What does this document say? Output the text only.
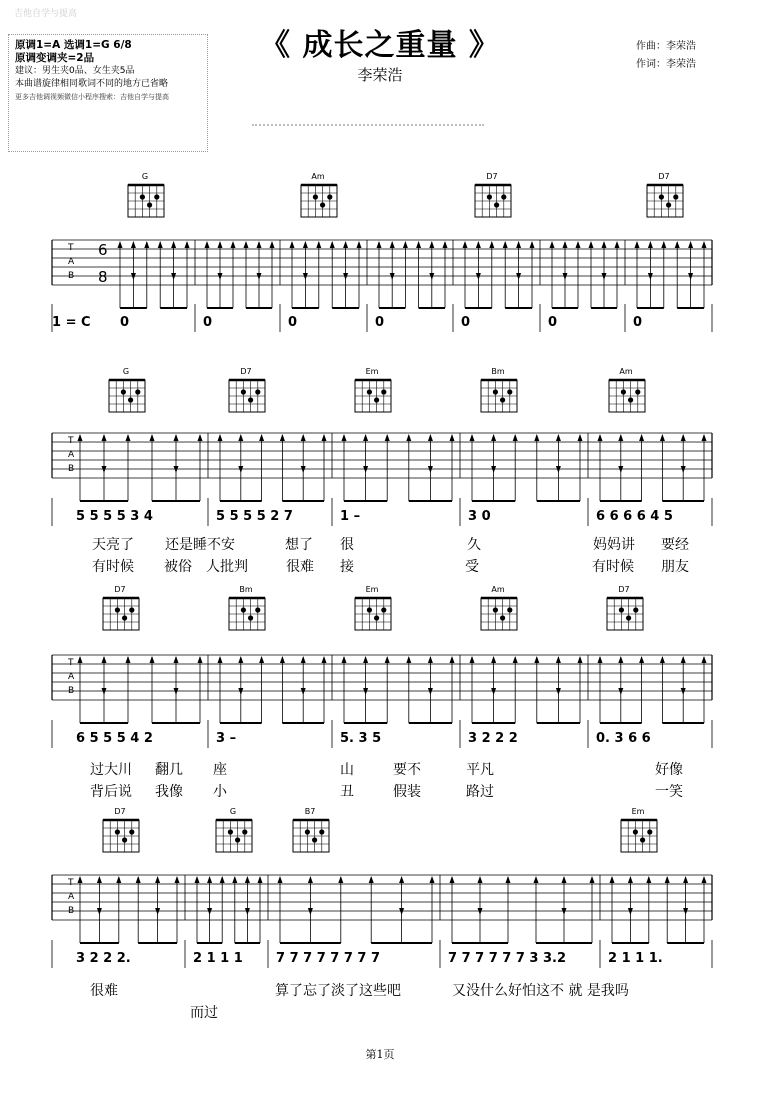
吉他自学与提高
《 成长之重量 》
李荣浩
作曲：李荣浩
作词：李荣浩
原调1=A 选调1=G 6/8
原调变调夹=2品
建议：男生夹0品、女生夹5品
本曲谱旋律相同歌词不同的地方已省略
更多吉他调视频微信小程序搜索：吉他自学与提高
G	Am	D7	D7
T
A
B
6
8
1 = C 0	0	0	0	0	0	0
G	D7	Em	Bm	Am
T
A
B
5 5 5 5 3 4	5 5 5 5 2 7	1 –	3 0	6 6 6 6 4 5
D7	Bm	Em	Am	D7
T
A
B
6 5 5 5 4 2	3 –	5. 3 5	3 2 2 2	0. 3 6 6
D7	G	B7	Em
T
A
B
3 2 2 2.	2 1 1 1	7 7 7 7 7 7 7 7	7 7 7 7 7 7 3 3.2	2 1 1 1.
第1页
天亮了 还是睡不安	想了 很	久	妈妈讲 要经
有时候 被俗 人批判	很难 接	受	有时候 朋友
过大川 翻几 座	山	要不	平凡	好像
背后说 我像 小	丑	假装	路过	一笑
很难	算了忘了淡了这些吧	又没什么好怕这不 就 是我吗
而过
